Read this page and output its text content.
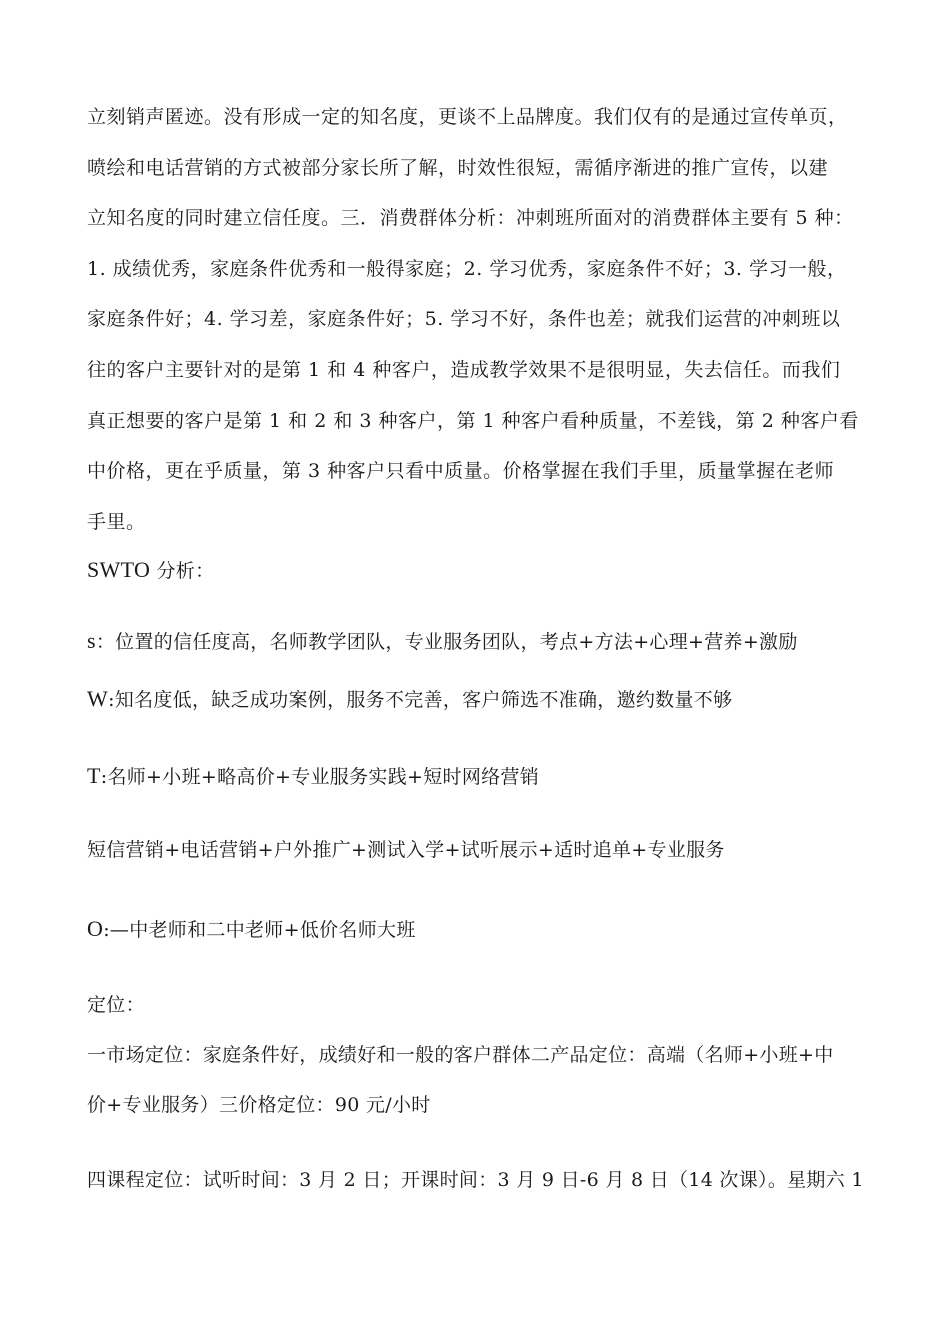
立刻销声匿迹。没有形成一定的知名度，更谈不上品牌度。我们仅有的是通过宣传单页，
喷绘和电话营销的方式被部分家长所了解，时效性很短，需循序渐进的推广宣传，以建
立知名度的同时建立信任度。三．消费群体分析：冲刺班所面对的消费群体主要有 5 种：
1. 成绩优秀，家庭条件优秀和一般得家庭；2. 学习优秀，家庭条件不好；3. 学习一般，
家庭条件好；4. 学习差，家庭条件好；5. 学习不好，条件也差；就我们运营的冲刺班以
往的客户主要针对的是第 1 和 4 种客户，造成教学效果不是很明显，失去信任。而我们
真正想要的客户是第 1 和 2 和 3 种客户，第 1 种客户看种质量，不差钱，第 2 种客户看
中价格，更在乎质量，第 3 种客户只看中质量。价格掌握在我们手里，质量掌握在老师
手里。
SWTO 分析：
s：位置的信任度高，名师教学团队，专业服务团队，考点+方法+心理+营养+激励
W:知名度低，缺乏成功案例，服务不完善，客户筛选不准确，邀约数量不够
T:名师+小班+略高价+专业服务实践+短时网络营销
短信营销+电话营销+户外推广+测试入学+试听展示+适时追单+专业服务
O:—中老师和二中老师+低价名师大班
定位：
一市场定位：家庭条件好，成绩好和一般的客户群体二产品定位：高端（名师+小班+中
价+专业服务）三价格定位：90 元/小时
四课程定位：试听时间：3 月 2 日；开课时间：3 月 9 日-6 月 8 日（14 次课）。星期六 1
